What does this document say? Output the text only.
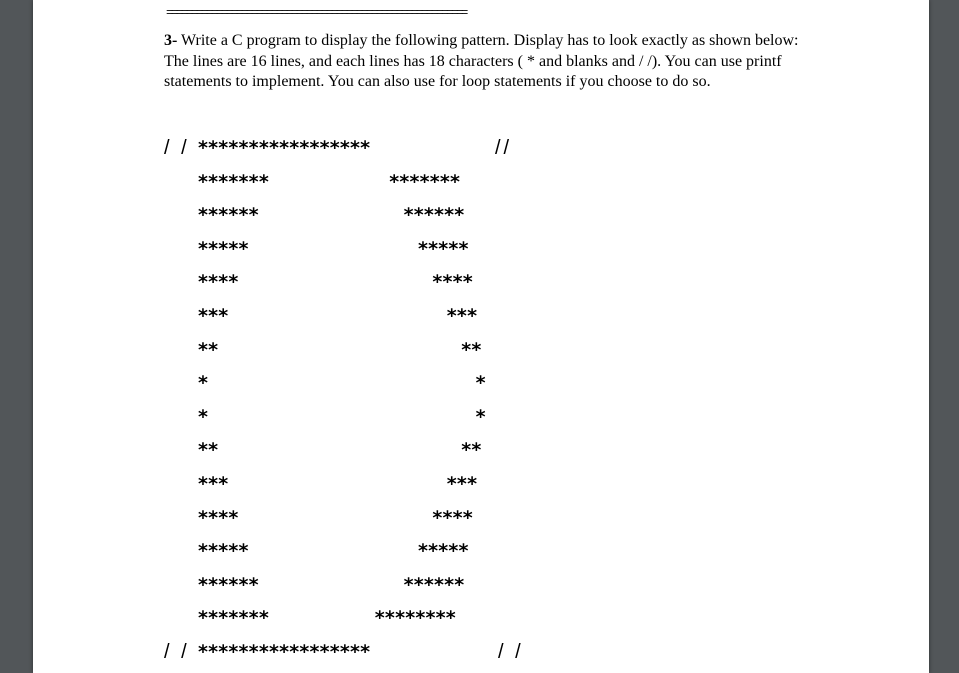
============================================================

3- Write a C program to display the following pattern. Display has to look exactly as shown below: The lines are 16 lines, and each lines has 18 characters ( * and blanks and / /). You can use printf statements to implement. You can also use for loop statements if you choose to do so.

/ / *****************	//
*******	*******
******	******
*****	*****
****	****
***	***
**	**
*	*
*	*
**	**
***	***
****	****
*****	*****
******	******
*******	********
/ / *****************	/ /
